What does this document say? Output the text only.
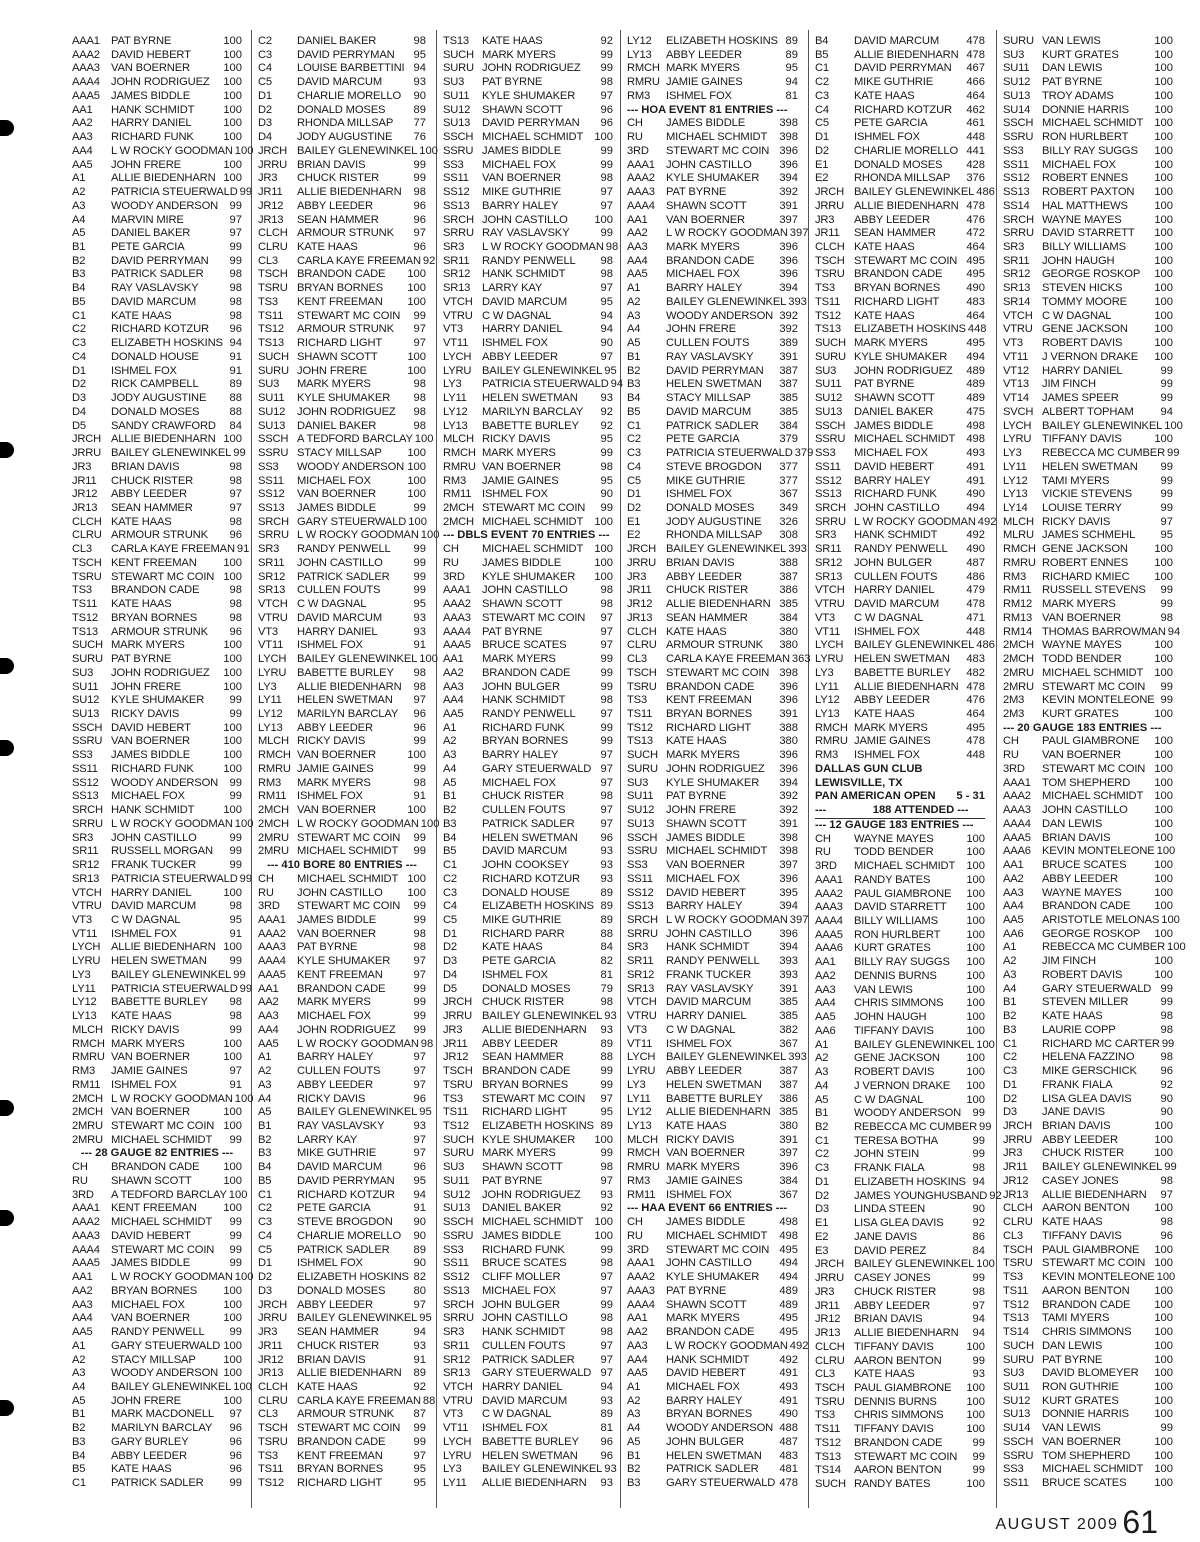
AAA1 PAT BYRNE	100
AAA2 DAVID HEBERT	100
AAA3 VAN BOERNER	100
AAA4 JOHN RODRIGUEZ	100
AAA5 JAMES BIDDLE	100
AA1	HANK SCHMIDT	100
AA2	HARRY DANIEL	100
AA3	RICHARD FUNK	100
AA4	L W ROCKY GOODMAN 100
AA5	JOHN FRERE	100
A1	ALLIE BIEDENHARN 100
A2	PATRICIA STEUERWALD 99
A3	WOODY ANDERSON	99
A4	MARVIN MIRE	97
A5	DANIEL BAKER	97
B1	PETE GARCIA	99
B2	DAVID PERRYMAN	99
B3	PATRICK SADLER	98
B4	RAY VASLAVSKY	98
B5	DAVID MARCUM	98
C1	KATE HAAS	98
C2	RICHARD KOTZUR	96
C3	ELIZABETH HOSKINS 94
C4	DONALD HOUSE	91
D1	ISHMEL FOX	91
D2	RICK CAMPBELL	89
D3	JODY AUGUSTINE	88
D4	DONALD MOSES	88
D5	SANDY CRAWFORD	84
JRCH ALLIE BIEDENHARN 100
JRRU BAILEY GLENEWINKEL 99
JR3	BRIAN DAVIS	98
JR11	CHUCK RISTER	98
JR12	ABBY LEEDER	97
JR13	SEAN HAMMER	97
CLCH KATE HAAS	98
CLRU ARMOUR STRUNK	96
CL3	CARLA KAYE FREEMAN 91
TSCH KENT FREEMAN	100
TSRU STEWART MC COIN 100
TS3	BRANDON CADE	98
TS11	KATE HAAS	98
TS12	BRYAN BORNES	98
TS13	ARMOUR STRUNK	96
SUCH MARK MYERS	100
SURU PAT BYRNE	100
SU3	JOHN RODRIGUEZ	100
SU11	JOHN FRERE	100
SU12	KYLE SHUMAKER	99
SU13	RICKY DAVIS	99
SSCH DAVID HEBERT	100
SSRU VAN BOERNER	100
SS3	JAMES BIDDLE	100
SS11	RICHARD FUNK	100
SS12	WOODY ANDERSON	99
SS13	MICHAEL FOX	99
SRCH HANK SCHMIDT	100
SRRU L W ROCKY GOODMAN 100
SR3	JOHN CASTILLO	99
SR11	RUSSELL MORGAN	99
SR12	FRANK TUCKER	99
SR13	PATRICIA STEUERWALD 99
VTCH HARRY DANIEL	100
VTRU DAVID MARCUM	98
VT3	C W DAGNAL	95
VT11	ISHMEL FOX	91
LYCH ALLIE BIEDENHARN 100
LYRU HELEN SWETMAN	99
LY3	BAILEY GLENEWINKEL 99
LY11	PATRICIA STEUERWALD 99
LY12	BABETTE BURLEY	98
LY13	KATE HAAS	98
MLCH RICKY DAVIS	99
RMCH MARK MYERS	100
RMRU VAN BOERNER	100
RM3	JAMIE GAINES	97
RM11 ISHMEL FOX	91
2MCH L W ROCKY GOODMAN 100
2MCH VAN BOERNER	100
2MRU STEWART MC COIN 100
2MRU MICHAEL SCHMIDT	99
--- 28 GAUGE 82 ENTRIES ---
CH	BRANDON CADE	100
RU	SHAWN SCOTT	100
3RD	A TEDFORD BARCLAY 100
AAA1 KENT FREEMAN	100
AAA2 MICHAEL SCHMIDT	99
AAA3 DAVID HEBERT	99
AAA4 STEWART MC COIN	99
AAA5 JAMES BIDDLE	99
AA1	L W ROCKY GOODMAN 100
AA2	BRYAN BORNES	100
AA3	MICHAEL FOX	100
AA4	VAN BOERNER	100
AA5	RANDY PENWELL	99
A1	GARY STEUERWALD 100
A2	STACY MILLSAP	100
A3	WOODY ANDERSON 100
A4	BAILEY GLENEWINKEL 100
A5	JOHN FRERE	100
B1	MARK MACDONELL	97
B2	MARILYN BARCLAY	96
B3	GARY BURLEY	96
B4	ABBY LEEDER	96
B5	KATE HAAS	96
C1	PATRICK SADLER	99
C2	DANIEL BAKER	98
C3	DAVID PERRYMAN	95
C4	LOUISE BARBETTINI 94
C5	DAVID MARCUM	93
D1	CHARLIE MORELLO	90
D2	DONALD MOSES	89
D3	RHONDA MILLSAP	77
D4	JODY AUGUSTINE	76
JRCH BAILEY GLENEWINKEL 100
JRRU BRIAN DAVIS	99
JR3	CHUCK RISTER	99
JR11	ALLIE BIEDENHARN	98
JR12	ABBY LEEDER	96
JR13	SEAN HAMMER	96
CLCH ARMOUR STRUNK	97
CLRU KATE HAAS	96
CL3	CARLA KAYE FREEMAN 92
TSCH BRANDON CADE	100
TSRU BRYAN BORNES	100
TS3	KENT FREEMAN	100
TS11	STEWART MC COIN	99
TS12	ARMOUR STRUNK	97
TS13	RICHARD LIGHT	97
SUCH SHAWN SCOTT	100
SURU JOHN FRERE	100
SU3	MARK MYERS	98
SU11	KYLE SHUMAKER	98
SU12	JOHN RODRIGUEZ	98
SU13	DANIEL BAKER	98
SSCH A TEDFORD BARCLAY 100
SSRU STACY MILLSAP	100
SS3	WOODY ANDERSON 100
SS11	MICHAEL FOX	100
SS12	VAN BOERNER	100
SS13	JAMES BIDDLE	99
SRCH GARY STEUERWALD 100
SRRU L W ROCKY GOODMAN 100
SR3	RANDY PENWELL	99
SR11	JOHN CASTILLO	99
SR12	PATRICK SADLER	99
SR13	CULLEN FOUTS	99
VTCH C W DAGNAL	95
VTRU DAVID MARCUM	93
VT3	HARRY DANIEL	93
VT11	ISHMEL FOX	91
LYCH BAILEY GLENEWINKEL 100
LYRU BABETTE BURLEY	98
LY3	ALLIE BIEDENHARN	98
LY11	HELEN SWETMAN	97
LY12	MARILYN BARCLAY	96
LY13	ABBY LEEDER	96
MLCH RICKY DAVIS	99
RMCH VAN BOERNER	100
RMRU JAMIE GAINES	99
RM3	MARK MYERS	98
RM11 ISHMEL FOX	91
2MCH VAN BOERNER	100
2MCH L W ROCKY GOODMAN 100
2MRU STEWART MC COIN	99
2MRU MICHAEL SCHMIDT	99
--- 410 BORE 80 ENTRIES ---
CH	MICHAEL SCHMIDT 100
RU	JOHN CASTILLO	100
3RD	STEWART MC COIN	99
AAA1 JAMES BIDDLE	99
AAA2 VAN BOERNER	98
AAA3 PAT BYRNE	98
AAA4 KYLE SHUMAKER	97
AAA5 KENT FREEMAN	97
AA1	BRANDON CADE	99
AA2	MARK MYERS	99
AA3	MICHAEL FOX	99
AA4	JOHN RODRIGUEZ	99
AA5	L W ROCKY GOODMAN 98
A1	BARRY HALEY	97
A2	CULLEN FOUTS	97
A3	ABBY LEEDER	97
A4	RICKY DAVIS	96
A5	BAILEY GLENEWINKEL 95
B1	RAY VASLAVSKY	93
B2	LARRY KAY	97
B3	MIKE GUTHRIE	97
B4	DAVID MARCUM	96
B5	DAVID PERRYMAN	95
C1	RICHARD KOTZUR	94
C2	PETE GARCIA	91
C3	STEVE BROGDON	90
C4	CHARLIE MORELLO	90
C5	PATRICK SADLER	89
D1	ISHMEL FOX	90
D2	ELIZABETH HOSKINS 82
D3	DONALD MOSES	80
JRCH ABBY LEEDER	97
JRRU BAILEY GLENEWINKEL 95
JR3	SEAN HAMMER	94
JR11	CHUCK RISTER	93
JR12	BRIAN DAVIS	91
JR13	ALLIE BIEDENHARN	89
CLCH KATE HAAS	92
CLRU CARLA KAYE FREEMAN 88
CL3	ARMOUR STRUNK	87
TSCH STEWART MC COIN	99
TSRU BRANDON CADE	99
TS3	KENT FREEMAN	97
TS11	BRYAN BORNES	95
TS12	RICHARD LIGHT	95
TS13	KATE HAAS	92
SUCH MARK MYERS	99
SURU JOHN RODRIGUEZ	99
SU3	PAT BYRNE	98
SU11	KYLE SHUMAKER	97
SU12	SHAWN SCOTT	96
SU13	DAVID PERRYMAN	96
SSCH MICHAEL SCHMIDT 100
SSRU JAMES BIDDLE	99
SS3	MICHAEL FOX	99
SS11	VAN BOERNER	98
SS12	MIKE GUTHRIE	97
SS13	BARRY HALEY	97
SRCH JOHN CASTILLO	100
SRRU RAY VASLAVSKY	99
SR3	L W ROCKY GOODMAN 98
SR11	RANDY PENWELL	98
SR12	HANK SCHMIDT	98
SR13	LARRY KAY	97
VTCH DAVID MARCUM	95
VTRU C W DAGNAL	94
VT3	HARRY DANIEL	94
VT11	ISHMEL FOX	90
LYCH ABBY LEEDER	97
LYRU BAILEY GLENEWINKEL 95
LY3	PATRICIA STEUERWALD 94
LY11	HELEN SWETMAN	93
LY12	MARILYN BARCLAY	92
LY13	BABETTE BURLEY	92
MLCH RICKY DAVIS	95
RMCH MARK MYERS	99
RMRU VAN BOERNER	98
RM3	JAMIE GAINES	95
RM11 ISHMEL FOX	90
2MCH STEWART MC COIN	99
2MCH MICHAEL SCHMIDT 100
--- DBLS EVENT 70 ENTRIES ---
CH	MICHAEL SCHMIDT 100
RU	JAMES BIDDLE	100
3RD	KYLE SHUMAKER	100
AAA1 JOHN CASTILLO	98
AAA2 SHAWN SCOTT	98
AAA3 STEWART MC COIN	97
AAA4 PAT BYRNE	97
AAA5 BRUCE SCATES	97
AA1	MARK MYERS	99
AA2	BRANDON CADE	99
AA3	JOHN BULGER	99
AA4	HANK SCHMIDT	98
AA5	RANDY PENWELL	97
A1	RICHARD FUNK	99
A2	BRYAN BORNES	99
A3	BARRY HALEY	97
A4	GARY STEUERWALD 97
A5	MICHAEL FOX	97
B1	CHUCK RISTER	98
B2	CULLEN FOUTS	97
B3	PATRICK SADLER	97
B4	HELEN SWETMAN	96
B5	DAVID MARCUM	93
C1	JOHN COOKSEY	93
C2	RICHARD KOTZUR	93
C3	DONALD HOUSE	89
C4	ELIZABETH HOSKINS 89
C5	MIKE GUTHRIE	89
D1	RICHARD PARR	88
D2	KATE HAAS	84
D3	PETE GARCIA	82
D4	ISHMEL FOX	81
D5	DONALD MOSES	79
JRCH CHUCK RISTER	98
JRRU BAILEY GLENEWINKEL 93
JR3	ALLIE BIEDENHARN	93
JR11	ABBY LEEDER	89
JR12	SEAN HAMMER	88
TSCH BRANDON CADE	99
TSRU BRYAN BORNES	99
TS3	STEWART MC COIN	97
TS11	RICHARD LIGHT	95
TS12	ELIZABETH HOSKINS 89
SUCH KYLE SHUMAKER	100
SURU MARK MYERS	99
SU3	SHAWN SCOTT	98
SU11	PAT BYRNE	97
SU12	JOHN RODRIGUEZ	93
SU13	DANIEL BAKER	92
SSCH MICHAEL SCHMIDT 100
SSRU JAMES BIDDLE	100
SS3	RICHARD FUNK	99
SS11	BRUCE SCATES	98
SS12	CLIFF MOLLER	97
SS13	MICHAEL FOX	97
SRCH JOHN BULGER	99
SRRU JOHN CASTILLO	98
SR3	HANK SCHMIDT	98
SR11	CULLEN FOUTS	97
SR12	PATRICK SADLER	97
SR13	GARY STEUERWALD 97
VTCH HARRY DANIEL	94
VTRU DAVID MARCUM	93
VT3	C W DAGNAL	89
VT11	ISHMEL FOX	81
LYCH BABETTE BURLEY	96
LYRU HELEN SWETMAN	96
LY3	BAILEY GLENEWINKEL 93
LY11	ALLIE BIEDENHARN	93
LY12	ELIZABETH HOSKINS 89
LY13	ABBY LEEDER	89
RMCH MARK MYERS	95
RMRU JAMIE GAINES	94
RM3	ISHMEL FOX	81
--- HOA EVENT 81 ENTRIES ---
CH	JAMES BIDDLE	398
RU	MICHAEL SCHMIDT	398
3RD	STEWART MC COIN 396
AAA1 JOHN CASTILLO	396
AAA2 KYLE SHUMAKER	394
AAA3 PAT BYRNE	392
AAA4 SHAWN SCOTT	391
AA1	VAN BOERNER	397
AA2	L W ROCKY GOODMAN 397
AA3	MARK MYERS	396
AA4	BRANDON CADE	396
AA5	MICHAEL FOX	396
A1	BARRY HALEY	394
A2	BAILEY GLENEWINKEL 393
A3	WOODY ANDERSON 392
A4	JOHN FRERE	392
A5	CULLEN FOUTS	389
B1	RAY VASLAVSKY	391
B2	DAVID PERRYMAN	387
B3	HELEN SWETMAN	387
B4	STACY MILLSAP	385
B5	DAVID MARCUM	385
C1	PATRICK SADLER	384
C2	PETE GARCIA	379
C3	PATRICIA STEUERWALD 379
C4	STEVE BROGDON	377
C5	MIKE GUTHRIE	377
D1	ISHMEL FOX	367
D2	DONALD MOSES	349
E1	JODY AUGUSTINE	326
E2	RHONDA MILLSAP	308
JRCH BAILEY GLENEWINKEL 393
JRRU BRIAN DAVIS	388
JR3	ABBY LEEDER	387
JR11	CHUCK RISTER	386
JR12	ALLIE BIEDENHARN 385
JR13	SEAN HAMMER	384
CLCH KATE HAAS	380
CLRU ARMOUR STRUNK	380
CL3	CARLA KAYE FREEMAN 363
TSCH STEWART MC COIN 398
TSRU BRANDON CADE	396
TS3	KENT FREEMAN	396
TS11	BRYAN BORNES	391
TS12	RICHARD LIGHT	388
TS13	KATE HAAS	380
SUCH MARK MYERS	396
SURU JOHN RODRIGUEZ	396
SU3	KYLE SHUMAKER	394
SU11	PAT BYRNE	392
SU12	JOHN FRERE	392
SU13	SHAWN SCOTT	391
SSCH JAMES BIDDLE	398
SSRU MICHAEL SCHMIDT	398
SS3	VAN BOERNER	397
SS11	MICHAEL FOX	396
SS12	DAVID HEBERT	395
SS13	BARRY HALEY	394
SRCH L W ROCKY GOODMAN 397
SRRU JOHN CASTILLO	396
SR3	HANK SCHMIDT	394
SR11	RANDY PENWELL	393
SR12	FRANK TUCKER	393
SR13	RAY VASLAVSKY	391
VTCH DAVID MARCUM	385
VTRU HARRY DANIEL	385
VT3	C W DAGNAL	382
VT11	ISHMEL FOX	367
LYCH BAILEY GLENEWINKEL 393
LYRU ABBY LEEDER	387
LY3	HELEN SWETMAN	387
LY11	BABETTE BURLEY	386
LY12	ALLIE BIEDENHARN 385
LY13	KATE HAAS	380
MLCH RICKY DAVIS	391
RMCH VAN BOERNER	397
RMRU MARK MYERS	396
RM3	JAMIE GAINES	384
RM11 ISHMEL FOX	367
--- HAA EVENT 66 ENTRIES ---
CH	JAMES BIDDLE	498
RU	MICHAEL SCHMIDT	498
3RD	STEWART MC COIN 495
AAA1 JOHN CASTILLO	494
AAA2 KYLE SHUMAKER	494
AAA3 PAT BYRNE	489
AAA4 SHAWN SCOTT	489
AA1	MARK MYERS	495
AA2	BRANDON CADE	495
AA3	L W ROCKY GOODMAN 492
AA4	HANK SCHMIDT	492
AA5	DAVID HEBERT	491
A1	MICHAEL FOX	493
A2	BARRY HALEY	491
A3	BRYAN BORNES	490
A4	WOODY ANDERSON 488
A5	JOHN BULGER	487
B1	HELEN SWETMAN	483
B2	PATRICK SADLER	481
B3	GARY STEUERWALD 478
B4	DAVID MARCUM	478
B5	ALLIE BIEDENHARN 478
C1	DAVID PERRYMAN	467
C2	MIKE GUTHRIE	466
C3	KATE HAAS	464
C4	RICHARD KOTZUR	462
C5	PETE GARCIA	461
D1	ISHMEL FOX	448
D2	CHARLIE MORELLO 441
E1	DONALD MOSES	428
E2	RHONDA MILLSAP	376
JRCH BAILEY GLENEWINKEL 486
JRRU ALLIE BIEDENHARN 478
JR3	ABBY LEEDER	476
JR11	SEAN HAMMER	472
CLCH KATE HAAS	464
TSCH STEWART MC COIN 495
TSRU BRANDON CADE	495
TS3	BRYAN BORNES	490
TS11	RICHARD LIGHT	483
TS12	KATE HAAS	464
TS13	ELIZABETH HOSKINS 448
SUCH MARK MYERS	495
SURU KYLE SHUMAKER	494
SU3	JOHN RODRIGUEZ	489
SU11	PAT BYRNE	489
SU12	SHAWN SCOTT	489
SU13	DANIEL BAKER	475
SSCH JAMES BIDDLE	498
SSRU MICHAEL SCHMIDT 498
SS3	MICHAEL FOX	493
SS11	DAVID HEBERT	491
SS12	BARRY HALEY	491
SS13	RICHARD FUNK	490
SRCH JOHN CASTILLO	494
SRRU L W ROCKY GOODMAN 492
SR3	HANK SCHMIDT	492
SR11	RANDY PENWELL	490
SR12	JOHN BULGER	487
SR13	CULLEN FOUTS	486
VTCH HARRY DANIEL	479
VTRU DAVID MARCUM	478
VT3	C W DAGNAL	471
VT11	ISHMEL FOX	448
LYCH BAILEY GLENEWINKEL 486
LYRU HELEN SWETMAN	483
LY3	BABETTE BURLEY	482
LY11	ALLIE BIEDENHARN 478
LY12	ABBY LEEDER	476
LY13	KATE HAAS	464
RMCH MARK MYERS	495
RMRU JAMIE GAINES	478
RM3	ISHMEL FOX	448
DALLAS GUN CLUB
LEWISVILLE, TX
PAN AMERICAN OPEN 5 - 31
---	188 ATTENDED ---
--- 12 GAUGE 183 ENTRIES ---
CH	WAYNE MAYES	100
RU	TODD BENDER	100
3RD	MICHAEL SCHMIDT 100
AAA1 RANDY BATES	100
AAA2 PAUL GIAMBRONE	100
AAA3 DAVID STARRETT	100
AAA4 BILLY WILLIAMS	100
AAA5 RON HURLBERT	100
AAA6 KURT GRATES	100
AA1	BILLY RAY SUGGS	100
AA2	DENNIS BURNS	100
AA3	VAN LEWIS	100
AA4	CHRIS SIMMONS	100
AA5	JOHN HAUGH	100
AA6	TIFFANY DAVIS	100
A1	BAILEY GLENEWINKEL 100
A2	GENE JACKSON	100
A3	ROBERT DAVIS	100
A4	J VERNON DRAKE	100
A5	C W DAGNAL	100
B1	WOODY ANDERSON	99
B2	REBECCA MC CUMBER 99
C1	TERESA BOTHA	99
C2	JOHN STEIN	99
C3	FRANK FIALA	98
D1	ELIZABETH HOSKINS 94
D2	JAMES YOUNGHUSBAND 92
D3	LINDA STEEN	90
E1	LISA GLEA DAVIS	92
E2	JANE DAVIS	86
E3	DAVID PEREZ	84
JRCH BAILEY GLENEWINKEL 100
JRRU CASEY JONES	99
JR3	CHUCK RISTER	98
JR11	ABBY LEEDER	97
JR12	BRIAN DAVIS	94
JR13	ALLIE BIEDENHARN	94
CLCH TIFFANY DAVIS	100
CLRU AARON BENTON	99
CL3	KATE HAAS	93
TSCH PAUL GIAMBRONE	100
TSRU DENNIS BURNS	100
TS3	CHRIS SIMMONS	100
TS11	TIFFANY DAVIS	100
TS12	BRANDON CADE	99
TS13	STEWART MC COIN	99
TS14	AARON BENTON	99
SUCH RANDY BATES	100
SURU VAN LEWIS	100
SU3	KURT GRATES	100
SU11	DAN LEWIS	100
SU12	PAT BYRNE	100
SU13	TROY ADAMS	100
SU14	DONNIE HARRIS	100
SSCH MICHAEL SCHMIDT 100
SSRU RON HURLBERT	100
SS3	BILLY RAY SUGGS	100
SS11	MICHAEL FOX	100
SS12	ROBERT ENNES	100
SS13	ROBERT PAXTON	100
SS14	HAL MATTHEWS	100
SRCH WAYNE MAYES	100
SRRU DAVID STARRETT	100
SR3	BILLY WILLIAMS	100
SR11	JOHN HAUGH	100
SR12	GEORGE ROSKOP	100
SR13	STEVEN HICKS	100
SR14	TOMMY MOORE	100
VTCH C W DAGNAL	100
VTRU GENE JACKSON	100
VT3	ROBERT DAVIS	100
VT11	J VERNON DRAKE	100
VT12	HARRY DANIEL	99
VT13	JIM FINCH	99
VT14	JAMES SPEER	99
SVCH ALBERT TOPHAM	94
LYCH BAILEY GLENEWINKEL 100
LYRU TIFFANY DAVIS	100
LY3	REBECCA MC CUMBER 99
LY11	HELEN SWETMAN	99
LY12	TAMI MYERS	99
LY13	VICKIE STEVENS	99
LY14	LOUISE TERRY	99
MLCH RICKY DAVIS	97
MLRU JAMES SCHMEHL	95
RMCH GENE JACKSON	100
RMRU ROBERT ENNES	100
RM3	RICHARD KMIEC	100
RM11 RUSSELL STEVENS	99
RM12 MARK MYERS	99
RM13 VAN BOERNER	98
RM14 THOMAS BARROWMAN 94
2MCH WAYNE MAYES	100
2MCH TODD BENDER	100
2MRU MICHAEL SCHMIDT 100
2MRU STEWART MC COIN	99
2M3	KEVIN MONTELEONE 99
2M3	KURT GRATES	100
--- 20 GAUGE 183 ENTRIES ---
CH	PAUL GIAMBRONE	100
RU	VAN BOERNER	100
3RD	STEWART MC COIN 100
AAA1 TOM SHEPHERD	100
AAA2 MICHAEL SCHMIDT 100
AAA3 JOHN CASTILLO	100
AAA4 DAN LEWIS	100
AAA5 BRIAN DAVIS	100
AAA6 KEVIN MONTELEONE 100
AA1	BRUCE SCATES	100
AA2	ABBY LEEDER	100
AA3	WAYNE MAYES	100
AA4	BRANDON CADE	100
AA5	ARISTOTLE MELONAS 100
AA6	GEORGE ROSKOP	100
A1	REBECCA MC CUMBER 100
A2	JIM FINCH	100
A3	ROBERT DAVIS	100
A4	GARY STEUERWALD 99
B1	STEVEN MILLER	99
B2	KATE HAAS	98
B3	LAURIE COPP	98
C1	RICHARD MC CARTER 99
C2	HELENA FAZZINO	98
C3	MIKE GERSCHICK	96
D1	FRANK FIALA	92
D2	LISA GLEA DAVIS	90
D3	JANE DAVIS	90
JRCH BRIAN DAVIS	100
JRRU ABBY LEEDER	100
JR3	CHUCK RISTER	100
JR11	BAILEY GLENEWINKEL 99
JR12	CASEY JONES	98
JR13	ALLIE BIEDENHARN	97
CLCH AARON BENTON	100
CLRU KATE HAAS	98
CL3	TIFFANY DAVIS	96
TSCH PAUL GIAMBRONE	100
TSRU STEWART MC COIN 100
TS3	KEVIN MONTELEONE 100
TS11	AARON BENTON	100
TS12	BRANDON CADE	100
TS13	TAMI MYERS	100
TS14	CHRIS SIMMONS	100
SUCH DAN LEWIS	100
SURU PAT BYRNE	100
SU3	DAVID BLOMEYER	100
SU11	RON GUTHRIE	100
SU12	KURT GRATES	100
SU13	DONNIE HARRIS	100
SU14	VAN LEWIS	99
SSCH VAN BOERNER	100
SSRU TOM SHEPHERD	100
SS3	MICHAEL SCHMIDT 100
SS11	BRUCE SCATES	100
AUGUST 2009 61
